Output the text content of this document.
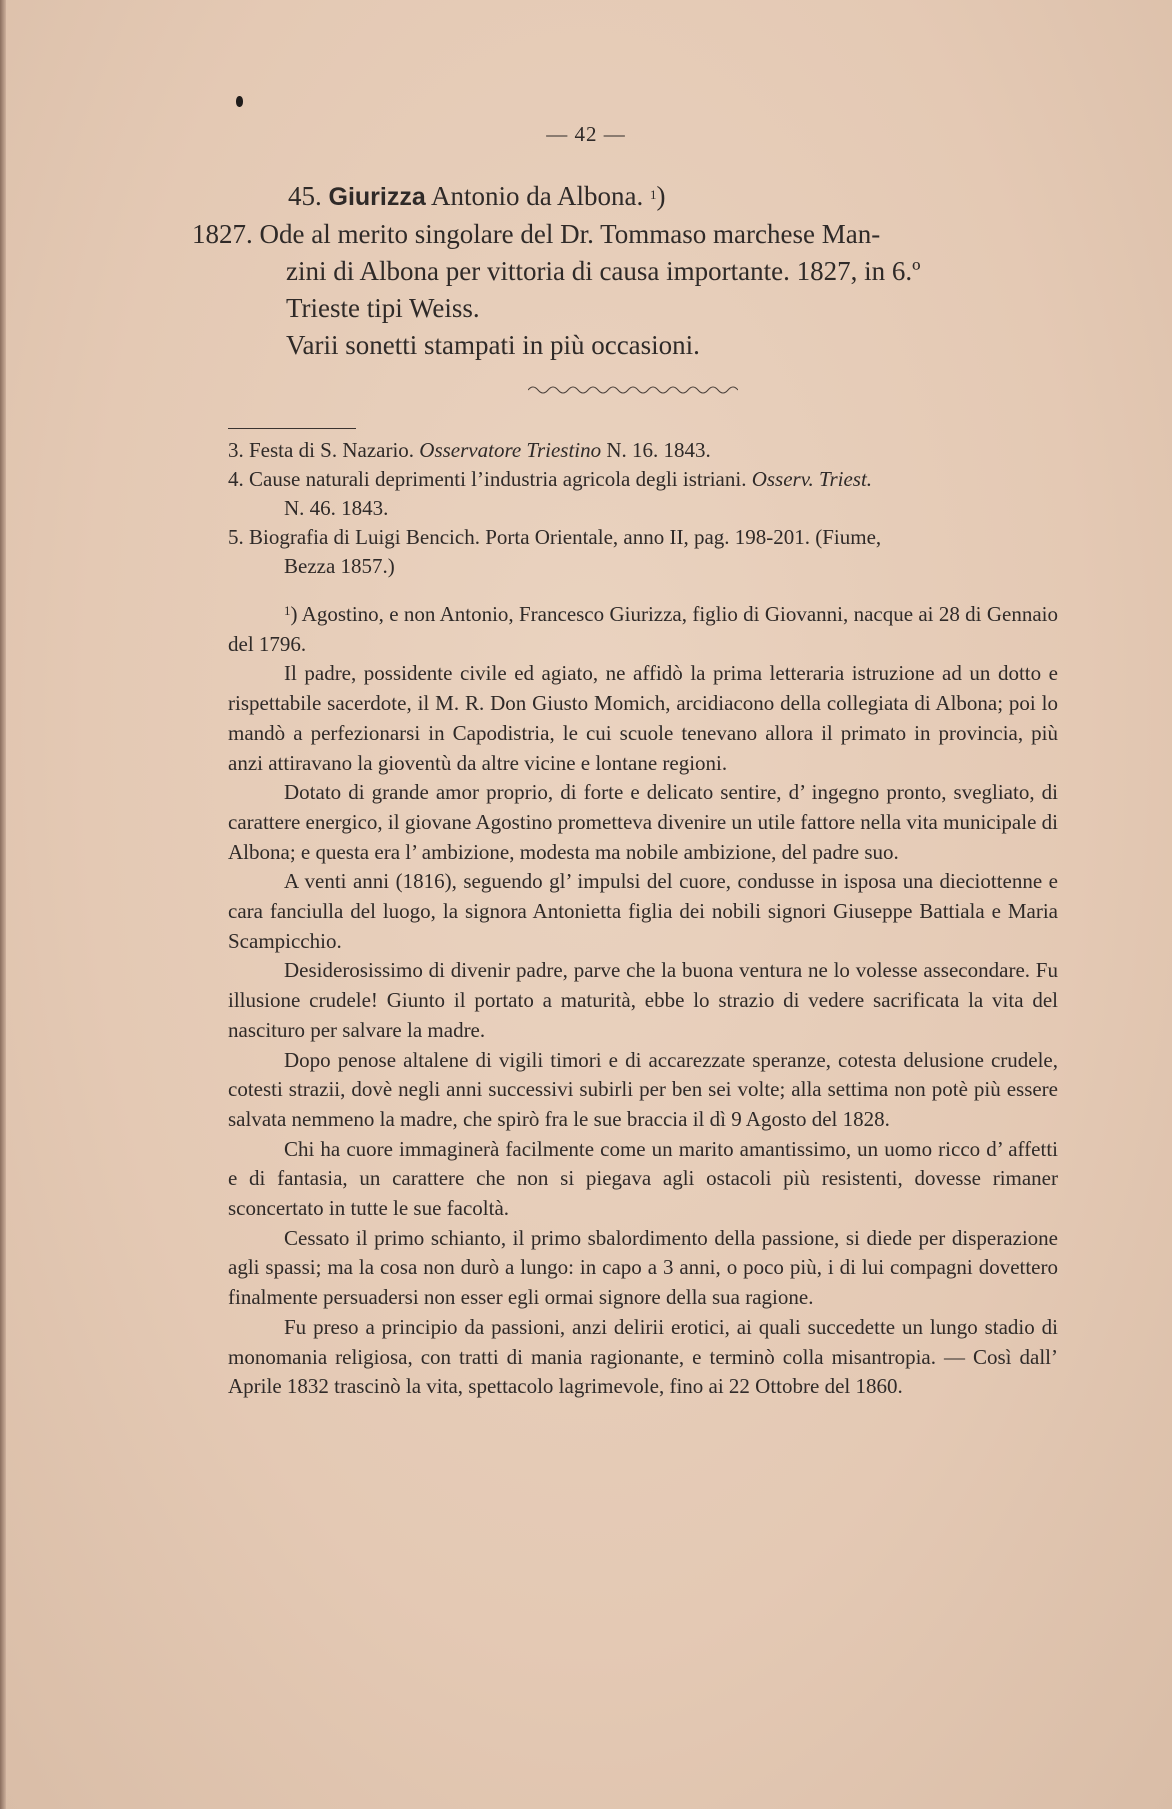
— 42 —

45. Giurizza Antonio da Albona. $^1$)

1827. Ode al merito singolare del Dr. Tommaso marchese Man-
zini di Albona per vittoria di causa importante. 1827, in 6.º
Trieste tipi Weiss.
Varii sonetti stampati in più occasioni.
3. Festa di S. Nazario. Osservatore Triestino N. 16. 1843.
4. Cause naturali deprimenti l’industria agricola degli istriani. Osserv. Triest.
N. 46. 1843.
5. Biografia di Luigi Bencich. Porta Orientale, anno II, pag. 198-201. (Fiume,
Bezza 1857.)

$^1$) Agostino, e non Antonio, Francesco Giurizza, figlio di Giovanni, nacque ai 28 di Gennaio del 1796.

Il padre, possidente civile ed agiato, ne affidò la prima letteraria istruzione ad un dotto e rispettabile sacerdote, il M. R. Don Giusto Momich, arcidiacono della collegiata di Albona; poi lo mandò a perfezionarsi in Capodistria, le cui scuole tenevano allora il primato in provincia, più anzi attiravano la gioventù da altre vicine e lontane regioni.

Dotato di grande amor proprio, di forte e delicato sentire, d’ ingegno pronto, svegliato, di carattere energico, il giovane Agostino prometteva divenire un utile fattore nella vita municipale di Albona; e questa era l’ ambizione, modesta ma nobile ambizione, del padre suo.

A venti anni (1816), seguendo gl’ impulsi del cuore, condusse in isposa una dieciottenne e cara fanciulla del luogo, la signora Antonietta figlia dei nobili signori Giuseppe Battiala e Maria Scampicchio.

Desiderosissimo di divenir padre, parve che la buona ventura ne lo volesse assecondare. Fu illusione crudele! Giunto il portato a maturità, ebbe lo strazio di vedere sacrificata la vita del nascituro per salvare la madre.

Dopo penose altalene di vigili timori e di accarezzate speranze, cotesta delusione crudele, cotesti strazii, dovè negli anni successivi subirli per ben sei volte; alla settima non potè più essere salvata nemmeno la madre, che spirò fra le sue braccia il dì 9 Agosto del 1828.

Chi ha cuore immaginerà facilmente come un marito amantissimo, un uomo ricco d’ affetti e di fantasia, un carattere che non si piegava agli ostacoli più resistenti, dovesse rimaner sconcertato in tutte le sue facoltà.

Cessato il primo schianto, il primo sbalordimento della passione, si diede per disperazione agli spassi; ma la cosa non durò a lungo: in capo a 3 anni, o poco più, i di lui compagni dovettero finalmente persuadersi non esser egli ormai signore della sua ragione.

Fu preso a principio da passioni, anzi delirii erotici, ai quali succedette un lungo stadio di monomania religiosa, con tratti di mania ragionante, e terminò colla misantropia. — Così dall’ Aprile 1832 trascinò la vita, spettacolo lagrimevole, fino ai 22 Ottobre del 1860.
